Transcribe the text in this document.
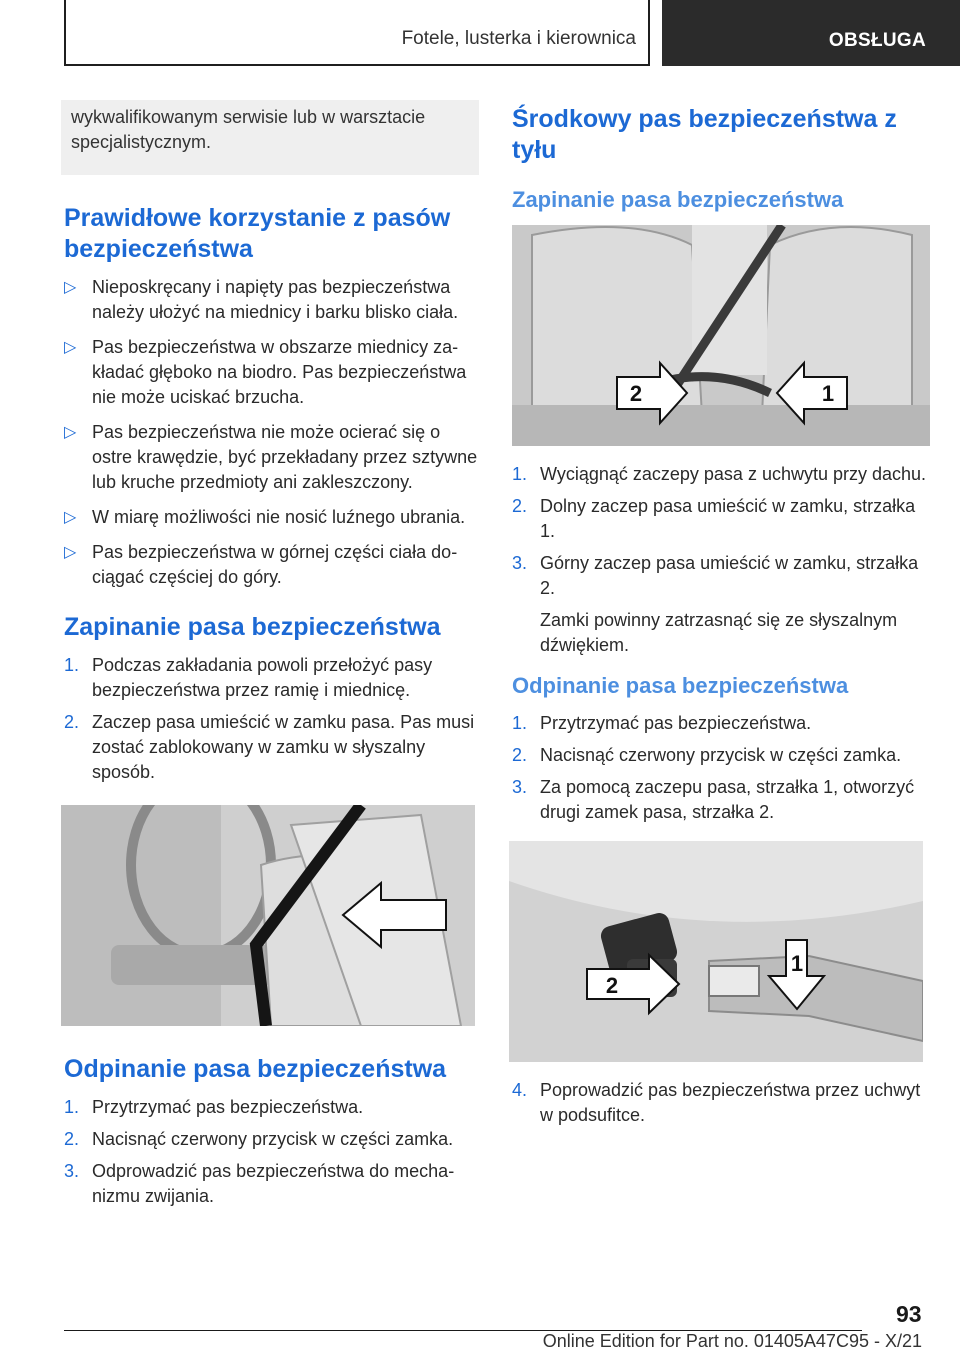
Fotele, lusterka i kierownica	OBSŁUGA
wykwalifikowanym serwisie lub w warsztacie specjalistycznym.
Prawidłowe korzystanie z pasów bezpieczeństwa
▷ Nieposkręcany i napięty pas bezpieczeństwa należy ułożyć na miednicy i barku blisko ciała.
▷ Pas bezpieczeństwa w obszarze miednicy zakładać głęboko na biodro. Pas bezpieczeństwa nie może uciskać brzucha.
▷ Pas bezpieczeństwa nie może ocierać się o ostre krawędzie, być przekładany przez sztywne lub kruche przedmioty ani zakleszczony.
▷ W miarę możliwości nie nosić luźnego ubrania.
▷ Pas bezpieczeństwa w górnej części ciała dociągać częściej do góry.
Zapinanie pasa bezpieczeństwa
1. Podczas zakładania powoli przełożyć pasy bezpieczeństwa przez ramię i miednicę.
2. Zaczep pasa umieścić w zamku pasa. Pas musi zostać zablokowany w zamku w słyszalny sposób.
Odpinanie pasa bezpieczeństwa
1. Przytrzymać pas bezpieczeństwa.
2. Nacisnąć czerwony przycisk w części zamka.
3. Odprowadzić pas bezpieczeństwa do mechanizmu zwijania.
Środkowy pas bezpieczeństwa z tyłu
Zapinanie pasa bezpieczeństwa
2	1
1. Wyciągnąć zaczepy pasa z uchwytu przy dachu.
2. Dolny zaczep pasa umieścić w zamku, strzałka 1.
3. Górny zaczep pasa umieścić w zamku, strzałka 2.

Zamki powinny zatrzasnąć się ze słyszalnym dźwiękiem.

Odpinanie pasa bezpieczeństwa
1. Przytrzymać pas bezpieczeństwa.
2. Nacisnąć czerwony przycisk w części zamka.
3. Za pomocą zaczepu pasa, strzałka 1, otworzyć drugi zamek pasa, strzałka 2.
1
2
4. Poprowadzić pas bezpieczeństwa przez uchwyt w podsufitce.
93
Online Edition for Part no. 01405A47C95 - X/21
